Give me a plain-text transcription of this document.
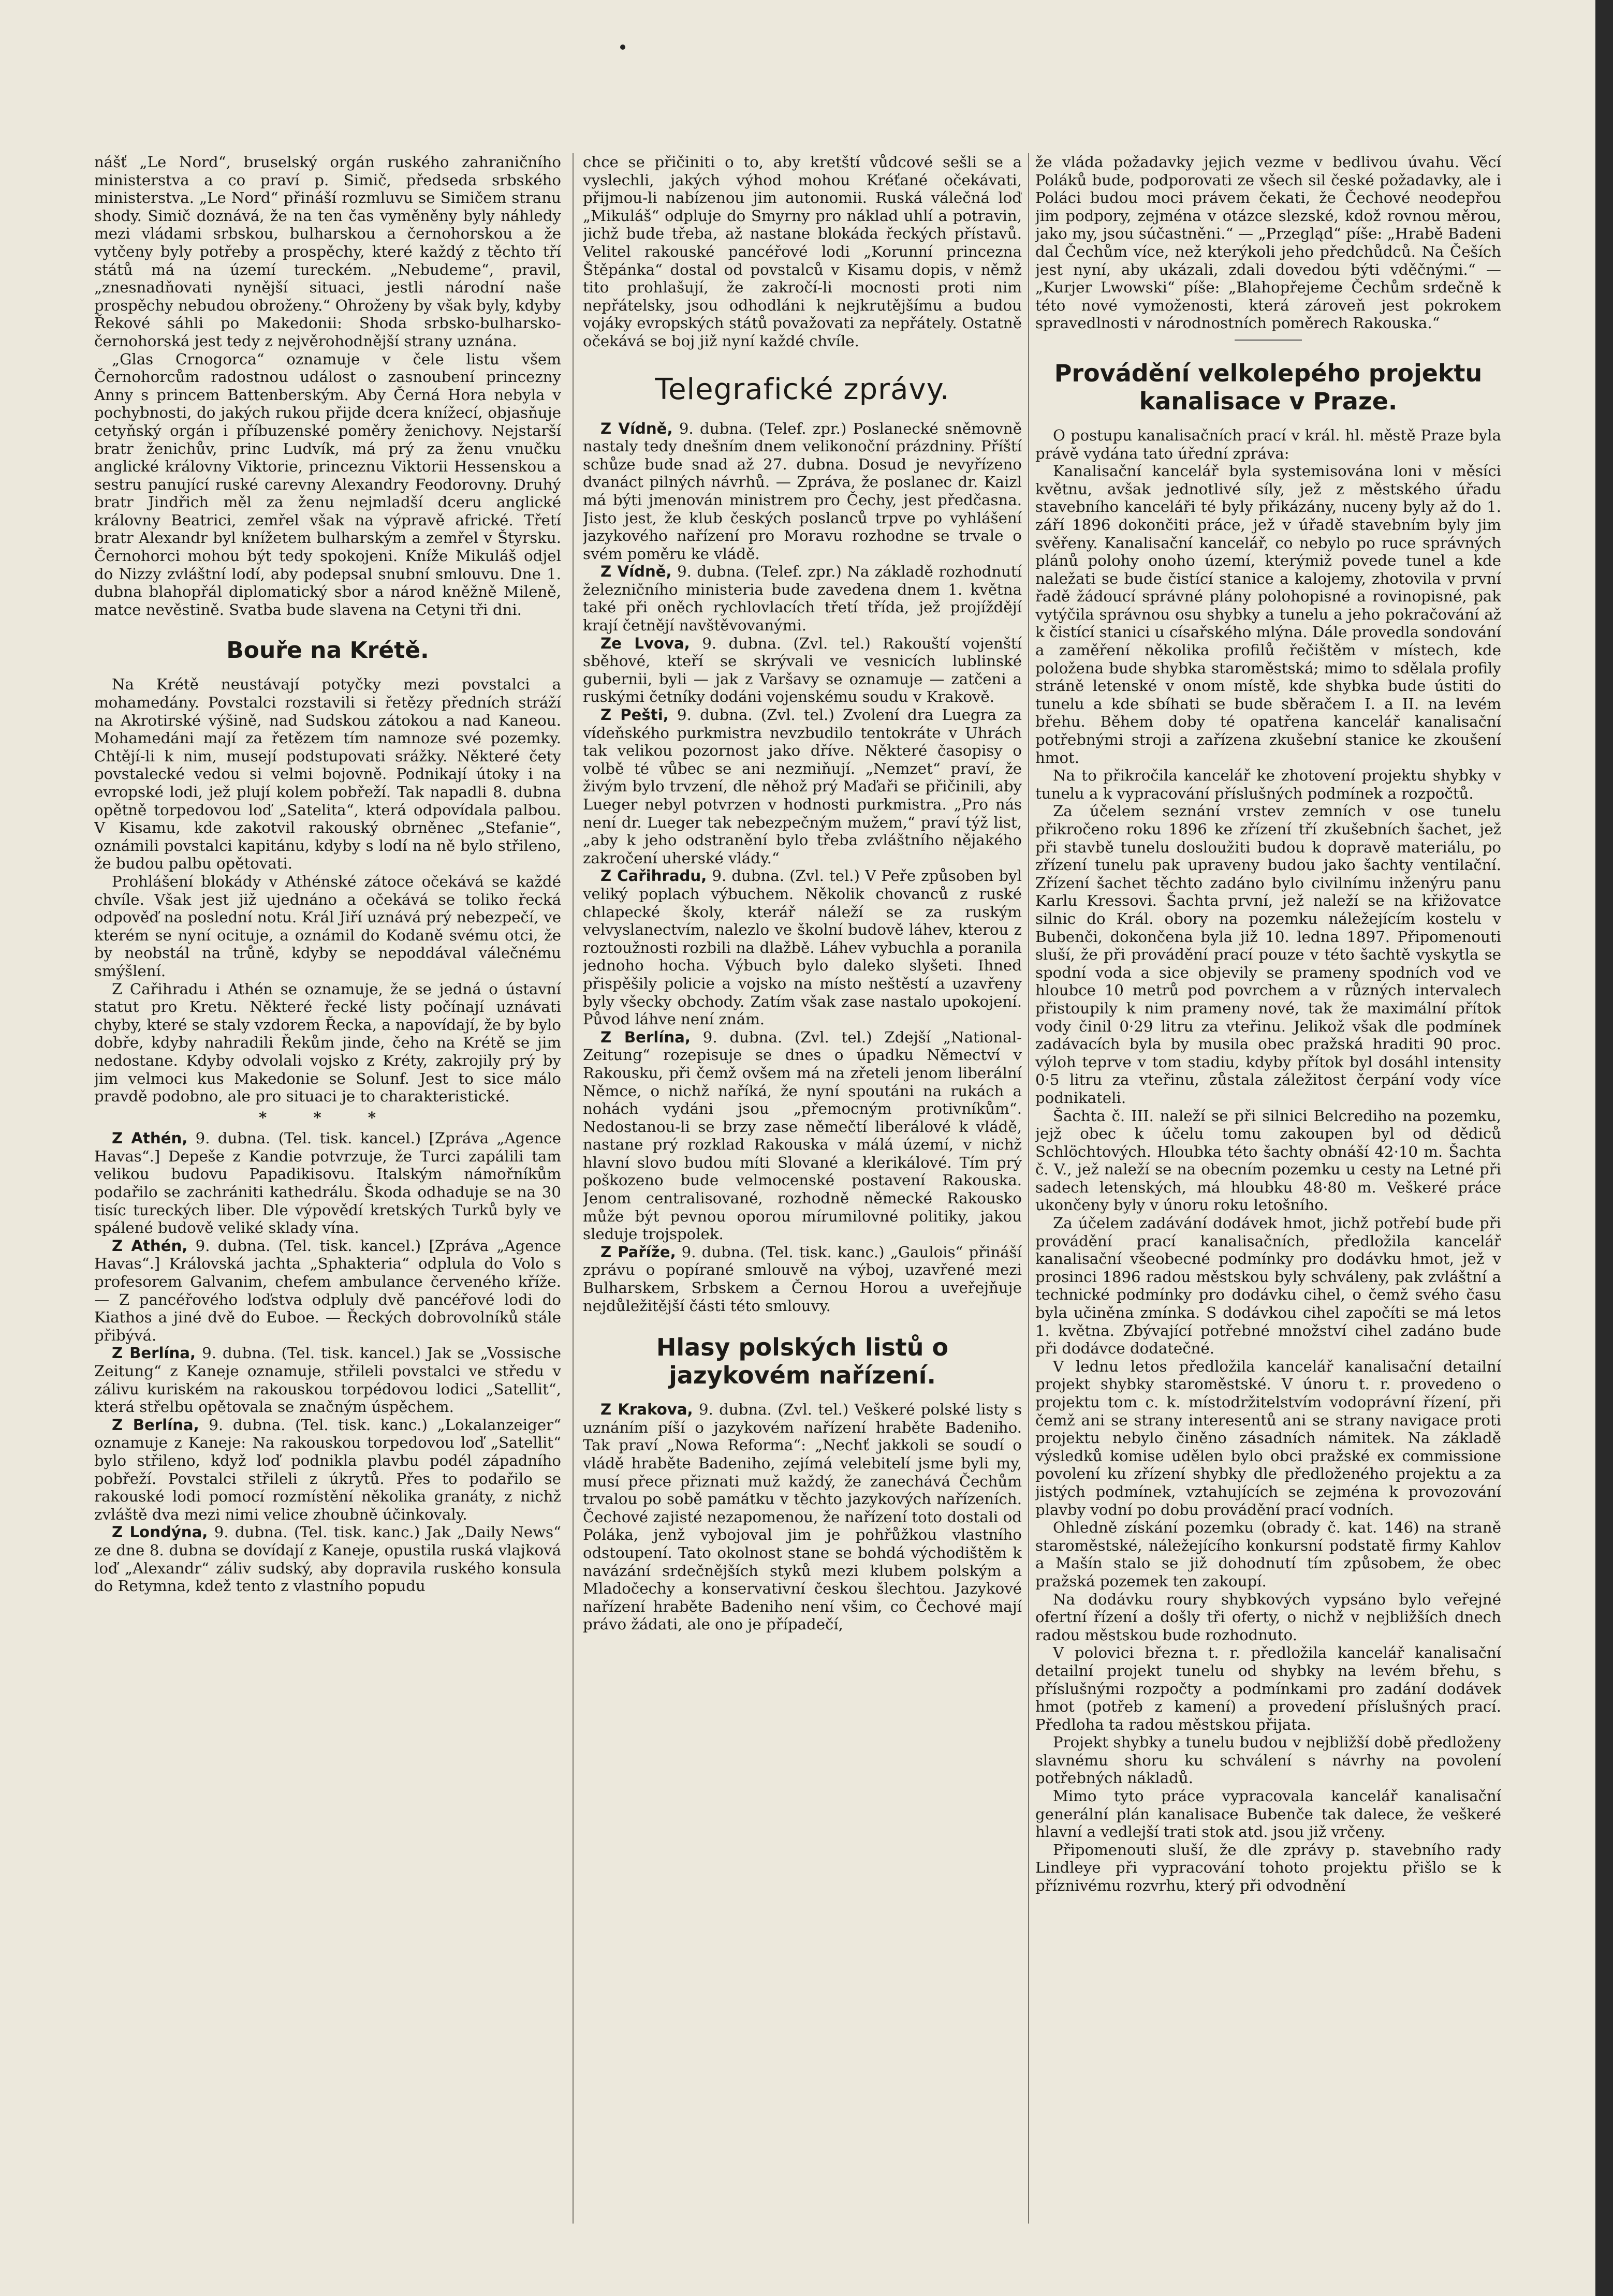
nášť „Le Nord“, bruselský orgán ruského zahraničního ministerstva a co praví p. Simič, předseda srbského ministerstva. „Le Nord“ přináší rozmluvu se Simičem stranu shody. Simič doznává, že na ten čas vyměněny byly náhledy mezi vládami srbskou, bulharskou a černohorskou a že vytčeny byly potřeby a prospěchy, které každý z těchto tří států má na území tureckém. „Nebudeme“, pravil, „znesnadňovati nynější situaci, jestli národní naše prospěchy nebudou obroženy.“ Ohroženy by však byly, kdyby Řekové sáhli po Makedonii: Shoda srbsko-bulharsko-černohorská jest tedy z nejvěrohodnější strany uznána.

„Glas Crnogorca“ oznamuje v čele listu všem Černohorcům radostnou událost o zasnoubení princezny Anny s princem Battenberským. Aby Černá Hora nebyla v pochybnosti, do jakých rukou přijde dcera knížecí, objasňuje cetyňský orgán i příbuzenské poměry ženichovy. Nejstarší bratr ženichův, princ Ludvík, má prý za ženu vnučku anglické královny Viktorie, princeznu Viktorii Hessenskou a sestru panující ruské carevny Alexandry Feodorovny. Druhý bratr Jindřich měl za ženu nejmladší dceru anglické královny Beatrici, zemřel však na výpravě africké. Třetí bratr Alexandr byl knížetem bulharským a zemřel v Štyrsku. Černohorci mohou být tedy spokojeni. Kníže Mikuláš odjel do Nizzy zvláštní lodí, aby podepsal snubní smlouvu. Dne 1. dubna blahopřál diplomatický sbor a národ kněžně Mileně, matce nevěstině. Svatba bude slavena na Cetyni tři dni.

Bouře na Krétě.

Na Krétě neustávají potyčky mezi povstalci a mohamedány. Povstalci rozstavili si řetězy předních stráží na Akrotirské výšině, nad Sudskou zátokou a nad Kaneou. Mohamedáni mají za řetězem tím namnoze své pozemky. Chtějí-li k nim, musejí podstupovati srážky. Některé čety povstalecké vedou si velmi bojovně. Podnikají útoky i na evropské lodi, jež plují kolem pobřeží. Tak napadli 8. dubna opětně torpedovou loď „Satelita“, která odpovídala palbou. V Kisamu, kde zakotvil rakouský obrněnec „Stefanie“, oznámili povstalci kapitánu, kdyby s lodí na ně bylo střileno, že budou palbu opětovati.

Prohlášení blokády v Athénské zátoce očekává se každé chvíle. Však jest již ujednáno a očekává se toliko řecká odpověď na poslední notu. Král Jiří uznává prý nebezpečí, ve kterém se nyní ocituje, a oznámil do Kodaně svému otci, že by neobstál na trůně, kdyby se nepoddával válečnému smýšlení.

Z Cařihradu i Athén se oznamuje, že se jedná o ústavní statut pro Kretu. Některé řecké listy počínají uznávati chyby, které se staly vzdorem Řecka, a napovídají, že by bylo dobře, kdyby nahradili Řekům jinde, čeho na Krétě se jim nedostane. Kdyby odvolali vojsko z Kréty, zakrojily prý by jim velmoci kus Makedonie se Solunf. Jest to sice málo pravdě podobno, ale pro situaci je to charakteristické.

* * *

Z Athén, 9. dubna. (Tel. tisk. kancel.) [Zpráva „Agence Havas“.] Depeše z Kandie potvrzuje, že Turci zapálili tam velikou budovu Papadikisovu. Italským námořníkům podařilo se zachrániti kathedrálu. Škoda odhaduje se na 30 tisíc tureckých liber. Dle výpovědí kretských Turků byly ve spálené budově veliké sklady vína.

Z Athén, 9. dubna. (Tel. tisk. kancel.) [Zpráva „Agence Havas“.] Královská jachta „Sphakteria“ odplula do Volo s profesorem Galvanim, chefem ambulance červeného kříže. — Z pancéřového loďstva odpluly dvě pancéřové lodi do Kiathos a jiné dvě do Euboe. — Řeckých dobrovolníků stále přibývá.

Z Berlína, 9. dubna. (Tel. tisk. kancel.) Jak se „Vossische Zeitung“ z Kaneje oznamuje, střileli povstalci ve středu v zálivu kuriském na rakouskou torpédovou lodici „Satellit“, která střelbu opětovala se značným úspěchem.

Z Berlína, 9. dubna. (Tel. tisk. kanc.) „Lokalanzeiger“ oznamuje z Kaneje: Na rakouskou torpedovou loď „Satellit“ bylo střileno, když loď podnikla plavbu podél západního pobřeží. Povstalci střileli z úkrytů. Přes to podařilo se rakouské lodi pomocí rozmístění několika granáty, z nichž zvláště dva mezi nimi velice zhoubně účinkovaly.

Z Londýna, 9. dubna. (Tel. tisk. kanc.) Jak „Daily News“ ze dne 8. dubna se dovídají z Kaneje, opustila ruská vlajková loď „Alexandr“ záliv sudský, aby dopravila ruského konsula do Retymna, kdež tento z vlastního popudu

chce se přičiniti o to, aby kretští vůdcové sešli se a vyslechli, jakých výhod mohou Kréťané očekávati, přijmou-li nabízenou jim autonomii. Ruská válečná loď „Mikuláš“ odpluje do Smyrny pro náklad uhlí a potravin, jichž bude třeba, až nastane blokáda řeckých přístavů. Velitel rakouské pancéřové lodi „Korunní princezna Štěpánka“ dostal od povstalců v Kisamu dopis, v němž tito prohlašují, že zakročí-li mocnosti proti nim nepřátelsky, jsou odhodláni k nejkrutějšímu a budou vojáky evropských států považovati za nepřátely. Ostatně očekává se boj již nyní každé chvíle.

Telegrafické zprávy.

Z Vídně, 9. dubna. (Telef. zpr.) Poslanecké sněmovně nastaly tedy dnešním dnem velikonoční prázdniny. Příští schůze bude snad až 27. dubna. Dosud je nevyřízeno dvanáct pilných návrhů. — Zpráva, že poslanec dr. Kaizl má býti jmenován ministrem pro Čechy, jest předčasna. Jisto jest, že klub českých poslanců trpve po vyhlášení jazykového nařízení pro Moravu rozhodne se trvale o svém poměru ke vládě.

Z Vídně, 9. dubna. (Telef. zpr.) Na základě rozhodnutí železničního ministeria bude zavedena dnem 1. května také při oněch rychlovlacích třetí třída, jež projíždějí krají četnějí navštěvovanými.

Ze Lvova, 9. dubna. (Zvl. tel.) Rakouští vojenští sběhové, kteří se skrývali ve vesnicích lublinské gubernii, byli — jak z Varšavy se oznamuje — zatčeni a ruskými četníky dodáni vojenskému soudu v Krakově.

Z Pešti, 9. dubna. (Zvl. tel.) Zvolení dra Luegra za vídeňského purkmistra nevzbudilo tentokráte v Uhrách tak velikou pozornost jako dříve. Některé časopisy o volbě té vůbec se ani nezmiňují. „Nemzet“ praví, že živým bylo trvzení, dle něhož prý Maďaři se přičinili, aby Lueger nebyl potvrzen v hodnosti purkmistra. „Pro nás není dr. Lueger tak nebezpečným mužem,“ praví týž list, „aby k jeho odstranění bylo třeba zvláštního nějakého zakročení uherské vlády.“

Z Cařihradu, 9. dubna. (Zvl. tel.) V Peře způsoben byl veliký poplach výbuchem. Několik chovanců z ruské chlapecké školy, kterář náleží se za ruským velvyslanectvím, nalezlo ve školní budově láhev, kterou z roztoužnosti rozbili na dlažbě. Láhev vybuchla a poranila jednoho hocha. Výbuch bylo daleko slyšeti. Ihned přispěšily policie a vojsko na místo neštěstí a uzavřeny byly všecky obchody. Zatím však zase nastalo upokojení. Původ láhve není znám.

Z Berlína, 9. dubna. (Zvl. tel.) Zdejší „National-Zeitung“ rozepisuje se dnes o úpadku Němectví v Rakousku, při čemž ovšem má na zřeteli jenom liberální Němce, o nichž naříká, že nyní spoutáni na rukách a nohách vydáni jsou „přemocným protivníkům“. Nedostanou-li se brzy zase němečtí liberálové k vládě, nastane prý rozklad Rakouska v málá území, v nichž hlavní slovo budou míti Slované a klerikálové. Tím prý poškozeno bude velmocenské postavení Rakouska. Jenom centralisované, rozhodně německé Rakousko může být pevnou oporou mírumilovné politiky, jakou sleduje trojspolek.

Z Paříže, 9. dubna. (Tel. tisk. kanc.) „Gaulois“ přináší zprávu o popírané smlouvě na výboj, uzavřené mezi Bulharskem, Srbskem a Černou Horou a uveřejňuje nejdůležitější části této smlouvy.

Hlasy polských listů o jazykovém nařízení.

Z Krakova, 9. dubna. (Zvl. tel.) Veškeré polské listy s uznáním píší o jazykovém nařízení hraběte Badeniho. Tak praví „Nowa Reforma“: „Nechť jakkoli se soudí o vládě hraběte Badeniho, zejímá velebitelí jsme byli my, musí přece přiznati muž každý, že zanechává Čechům trvalou po sobě památku v těchto jazykových nařízeních. Čechové zajisté nezapomenou, že nařízení toto dostali od Poláka, jenž vybojoval jim je pohřůžkou vlastního odstoupení. Tato okolnost stane se bohdá východištěm k navázání srdečnějších styků mezi klubem polským a Mladočechy a konservativní českou šlechtou. Jazykové nařízení hraběte Badeniho není všim, co Čechové mají právo žádati, ale ono je případečí,

že vláda požadavky jejich vezme v bedlivou úvahu. Věcí Poláků bude, podporovati ze všech sil české požadavky, ale i Poláci budou moci právem čekati, že Čechové neodepřou jim podpory, zejména v otázce slezské, kdož rovnou měrou, jako my, jsou súčastněni.“ — „Przegląd“ píše: „Hrabě Badeni dal Čechům více, než kterýkoli jeho předchůdců. Na Češích jest nyní, aby ukázali, zdali dovedou býti vděčnými.“ — „Kurjer Lwowski“ píše: „Blahopřejeme Čechům srdečně k této nové vymoženosti, která zároveň jest pokrokem spravedlnosti v národnostních poměrech Rakouska.“

Provádění velkolepého projektu kanalisace v Praze.

O postupu kanalisačních prací v král. hl. městě Praze byla právě vydána tato úřední zpráva:

Kanalisační kancelář byla systemisována loni v měsíci květnu, avšak jednotlivé síly, jež z městského úřadu stavebního kanceláři té byly přikázány, nuceny byly až do 1. září 1896 dokončiti práce, jež v úřadě stavebním byly jim svěřeny. Kanalisační kancelář, co nebylo po ruce správných plánů polohy onoho území, kterýmiž povede tunel a kde naležati se bude čistící stanice a kalojemy, zhotovila v první řadě žádoucí správné plány polohopisné a rovinopisné, pak vytýčila správnou osu shybky a tunelu a jeho pokračování až k čistící stanici u císařského mlýna. Dále provedla sondování a zaměření několika profilů řečištěm v místech, kde položena bude shybka staroměstská; mimo to sdělala profily stráně letenské v onom místě, kde shybka bude ústiti do tunelu a kde sbíhati se bude sběračem I. a II. na levém břehu. Během doby té opatřena kancelář kanalisační potřebnými stroji a zařízena zkušební stanice ke zkoušení hmot.

Na to přikročila kancelář ke zhotovení projektu shybky v tunelu a k vypracování příslušných podmínek a rozpočtů.

Za účelem seznání vrstev zemních v ose tunelu přikročeno roku 1896 ke zřízení tří zkušebních šachet, jež při stavbě tunelu dosloužiti budou k dopravě materiálu, po zřízení tunelu pak upraveny budou jako šachty ventilační. Zřízení šachet těchto zadáno bylo civilnímu inženýru panu Karlu Kressovi. Šachta první, jež naleží se na křižovatce silnic do Král. obory na pozemku náležejícím kostelu v Bubenči, dokončena byla již 10. ledna 1897. Připomenouti sluší, že při provádění prací pouze v této šachtě vyskytla se spodní voda a sice objevily se prameny spodních vod ve hloubce 10 metrů pod povrchem a v různých intervalech přistoupily k nim prameny nové, tak že maximální přítok vody činil 0·29 litru za vteřinu. Jelikož však dle podmínek zadávacích byla by musila obec pražská hraditi 90 proc. výloh teprve v tom stadiu, kdyby přítok byl dosáhl intensity 0·5 litru za vteřinu, zůstala záležitost čerpání vody více podnikateli.

Šachta č. III. naleží se při silnici Belcrediho na pozemku, jejž obec k účelu tomu zakoupen byl od dědiců Schlöchtových. Hloubka této šachty obnáší 42·10 m. Šachta č. V., jež naleží se na obecním pozemku u cesty na Letné při sadech letenských, má hloubku 48·80 m. Veškeré práce ukončeny byly v únoru roku letošního.

Za účelem zadávání dodávek hmot, jichž potřebí bude při provádění prací kanalisačních, předložila kancelář kanalisační všeobecné podmínky pro dodávku hmot, jež v prosinci 1896 radou městskou byly schváleny, pak zvláštní a technické podmínky pro dodávku cihel, o čemž svého času byla učiněna zmínka. S dodávkou cihel započíti se má letos 1. května. Zbývající potřebné množství cihel zadáno bude při dodávce dodatečné.

V lednu letos předložila kancelář kanalisační detailní projekt shybky staroměstské. V únoru t. r. provedeno o projektu tom c. k. místodržitelstvím vodoprávní řízení, při čemž ani se strany interesentů ani se strany navigace proti projektu nebylo činěno zásadních námitek. Na základě výsledků komise udělen bylo obci pražské ex commissione povolení ku zřízení shybky dle předloženého projektu a za jistých podmínek, vztahujících se zejména k provozování plavby vodní po dobu provádění prací vodních.

Ohledně získání pozemku (obrady č. kat. 146) na straně staroměstské, náležejícího konkursní podstatě firmy Kahlov a Mašín stalo se již dohodnutí tím způsobem, že obec pražská pozemek ten zakoupí.

Na dodávku roury shybkových vypsáno bylo veřejné ofertní řízení a došly tři oferty, o nichž v nejbližších dnech radou městskou bude rozhodnuto.

V polovici března t. r. předložila kancelář kanalisační detailní projekt tunelu od shybky na levém břehu, s příslušnými rozpočty a podmínkami pro zadání dodávek hmot (potřeb z kamení) a provedení příslušných prací. Předloha ta radou městskou přijata.

Projekt shybky a tunelu budou v nejbližší době předloženy slavnému shoru ku schválení s návrhy na povolení potřebných nákladů.

Mimo tyto práce vypracovala kancelář kanalisační generální plán kanalisace Bubenče tak dalece, že veškeré hlavní a vedlejší trati stok atd. jsou již vrčeny.

Připomenouti sluší, že dle zprávy p. stavebního rady Lindleye při vypracování tohoto projektu přišlo se k příznivému rozvrhu, který při odvodnění
